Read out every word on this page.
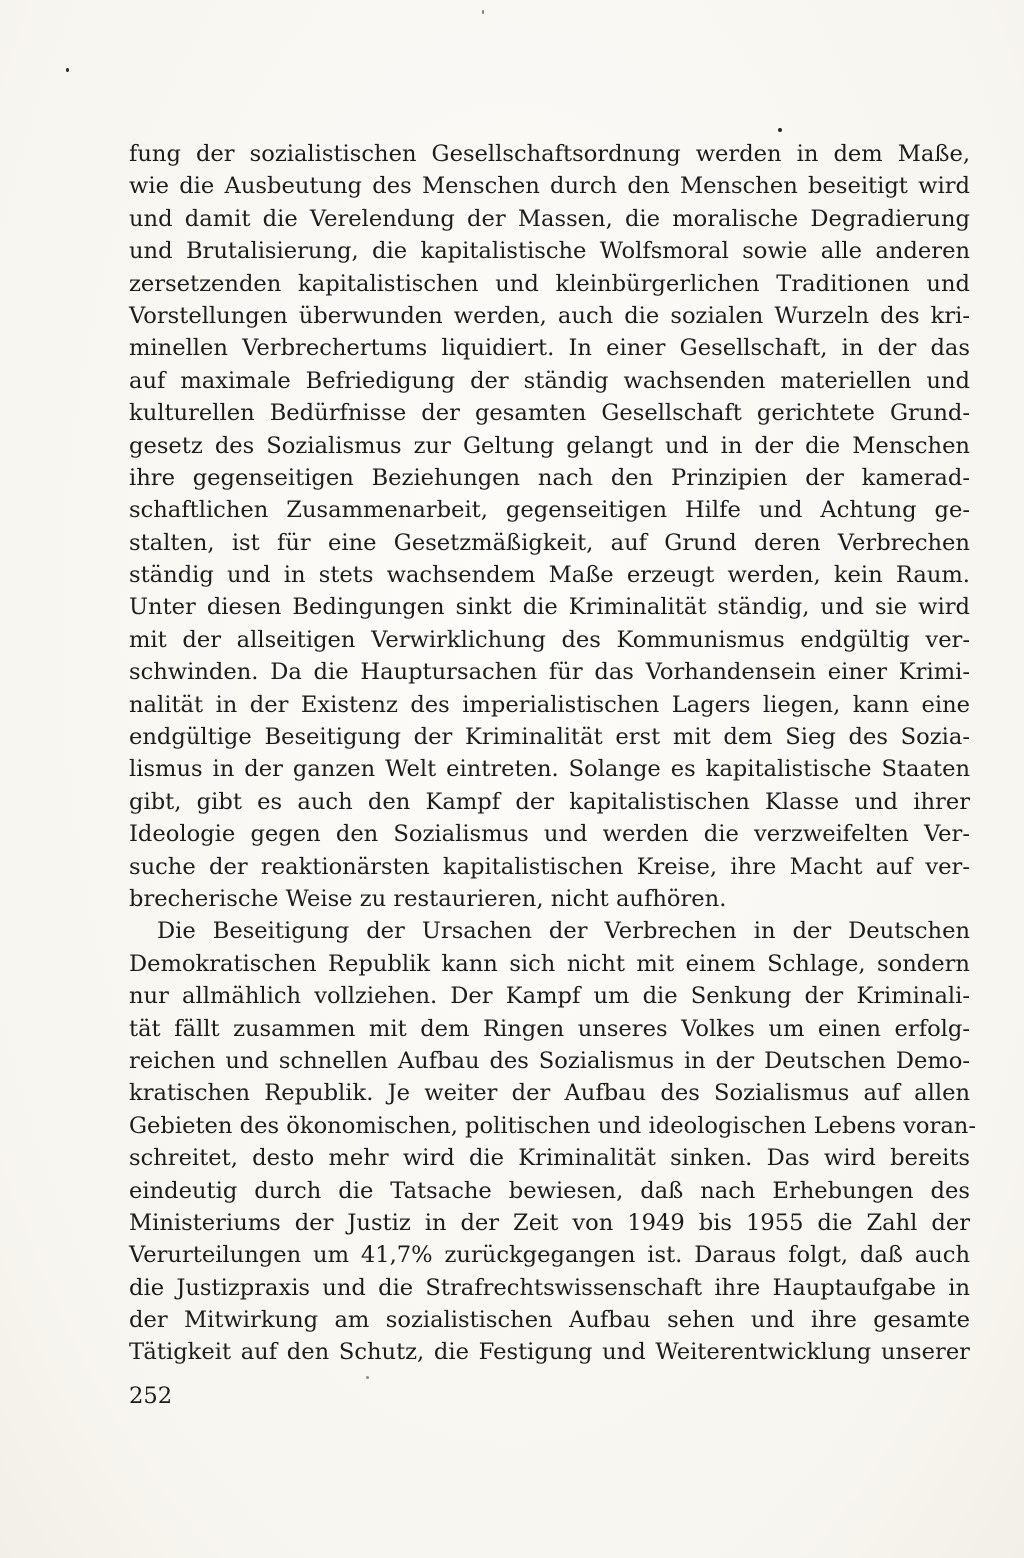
fung der sozialistischen Gesellschaftsordnung werden in dem Maße,
wie die Ausbeutung des Menschen durch den Menschen beseitigt wird
und damit die Verelendung der Massen, die moralische Degradierung
und Brutalisierung, die kapitalistische Wolfsmoral sowie alle anderen
zersetzenden kapitalistischen und kleinbürgerlichen Traditionen und
Vorstellungen überwunden werden, auch die sozialen Wurzeln des kri-
minellen Verbrechertums liquidiert. In einer Gesellschaft, in der das
auf maximale Befriedigung der ständig wachsenden materiellen und
kulturellen Bedürfnisse der gesamten Gesellschaft gerichtete Grund-
gesetz des Sozialismus zur Geltung gelangt und in der die Menschen
ihre gegenseitigen Beziehungen nach den Prinzipien der kamerad-
schaftlichen Zusammenarbeit, gegenseitigen Hilfe und Achtung ge-
stalten, ist für eine Gesetzmäßigkeit, auf Grund deren Verbrechen
ständig und in stets wachsendem Maße erzeugt werden, kein Raum.
Unter diesen Bedingungen sinkt die Kriminalität ständig, und sie wird
mit der allseitigen Verwirklichung des Kommunismus endgültig ver-
schwinden. Da die Hauptursachen für das Vorhandensein einer Krimi-
nalität in der Existenz des imperialistischen Lagers liegen, kann eine
endgültige Beseitigung der Kriminalität erst mit dem Sieg des Sozia-
lismus in der ganzen Welt eintreten. Solange es kapitalistische Staaten
gibt, gibt es auch den Kampf der kapitalistischen Klasse und ihrer
Ideologie gegen den Sozialismus und werden die verzweifelten Ver-
suche der reaktionärsten kapitalistischen Kreise, ihre Macht auf ver-
brecherische Weise zu restaurieren, nicht aufhören.
Die Beseitigung der Ursachen der Verbrechen in der Deutschen
Demokratischen Republik kann sich nicht mit einem Schlage, sondern
nur allmählich vollziehen. Der Kampf um die Senkung der Kriminali-
tät fällt zusammen mit dem Ringen unseres Volkes um einen erfolg-
reichen und schnellen Aufbau des Sozialismus in der Deutschen Demo-
kratischen Republik. Je weiter der Aufbau des Sozialismus auf allen
Gebieten des ökonomischen, politischen und ideologischen Lebens voran-
schreitet, desto mehr wird die Kriminalität sinken. Das wird bereits
eindeutig durch die Tatsache bewiesen, daß nach Erhebungen des
Ministeriums der Justiz in der Zeit von 1949 bis 1955 die Zahl der
Verurteilungen um 41,7% zurückgegangen ist. Daraus folgt, daß auch
die Justizpraxis und die Strafrechtswissenschaft ihre Hauptaufgabe in
der Mitwirkung am sozialistischen Aufbau sehen und ihre gesamte
Tätigkeit auf den Schutz, die Festigung und Weiterentwicklung unserer
252
